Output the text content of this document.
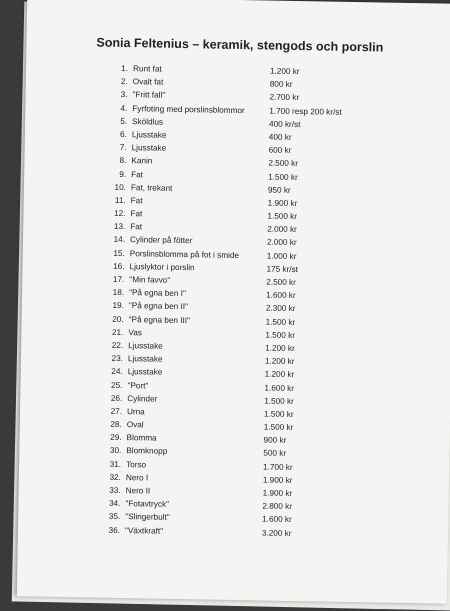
Sonia Feltenius – keramik, stengods och porslin
1. Runt fat	1.200 kr
2. Ovalt fat	800 kr
3. "Fritt fall"	2.700 kr
4. Fyrfoting med porslinsblommor	1.700 resp 200 kr/st
5. Sköldlus	400 kr/st
6. Ljusstake	400 kr
7. Ljusstake	600 kr
8. Kanin	2.500 kr
9. Fat	1.500 kr
10. Fat, trekant	950 kr
11. Fat	1.900 kr
12. Fat	1.500 kr
13. Fat	2.000 kr
14. Cylinder på fötter	2.000 kr
15. Porslinsblomma på fot i smide	1.000 kr
16. Ljuslyktor i porslin	175 kr/st
17. "Min favvo"	2.500 kr
18. "På egna ben I"	1.600 kr
19. "På egna ben II"	2.300 kr
20. "På egna ben III"	1.500 kr
21. Vas	1.500 kr
22. Ljusstake	1.200 kr
23. Ljusstake	1.200 kr
24. Ljusstake	1.200 kr
25. "Port"	1.600 kr
26. Cylinder	1.500 kr
27. Urna	1.500 kr
28. Oval	1.500 kr
29. Blomma	900 kr
30. Blomknopp	500 kr
31. Torso	1.700 kr
32. Nero I	1.900 kr
33. Nero II	1.900 kr
34. "Fotavtryck"	2.800 kr
35. "Slingerbult"	1.600 kr
36. "Växtkraft"	3.200 kr
